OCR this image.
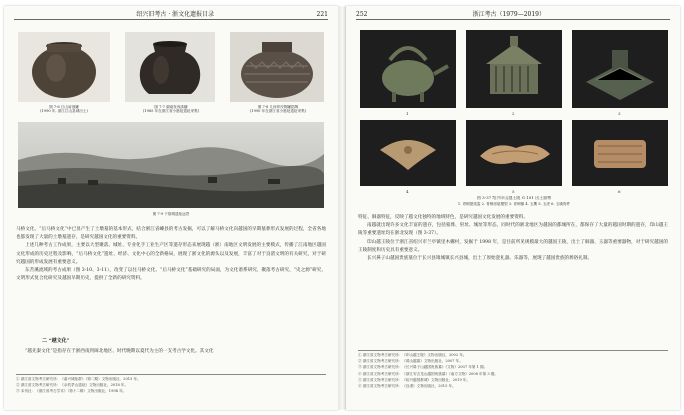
绍兴旧考古 · 浙文化遗报目录	221
图 7-6 江山肩颈罐
(1990 年, 浙江江山县城出土)
图 7-7 湖南发现漆罐
(1985 年在浙江省小港址遗址采集)
图 7-8 几何印纹陶罐铭陶
(1990 年在浙江省小港址遗址采集)
图 7-9 下肢城遗址远景

马桥文化、“后马桥文化”中已显产生了土墩墓的基本形式，结合浙江省嵊县的考古发掘，可以了解马桥文化向越国的早期墓葬形式发展的过程，全省各地也都发现了大量的土墩墓遗存，是研究越国文化的重要资料。

上述几种考古工作成果，主要以大型聚落、城址、专业化手工业生产区等遗存形态来展现越（浙）南地区文明发展的主要模式，传播了江南地区越国文化形成的历史过程及影响，“后马桥文化”遗址、经济、文化中心的全新格局，展现了浙文化的源头以及发展，丰富了对于良渚文明的有关研究，对于研究越国的形成发展有重要意义。

东苕溪流域的考古成果（图 3-10、3-11），改变了以往马桥文化、“后马桥文化”基础研究的局面，为文化谱系研究、聚落考古研究、“史之源”研究、文明形式复合化研究及越国早期历史，提供了全新的研究资料。

二 “越文化”

“越先秦文化”是指存在于浙西南到闽北地区、时代晚期以夏代为主的一支考古学文化。其文化

① 浙江省文物考古研究所：《嘉兴城址群》（第二期）文物出版社，2013 年。
② 浙江省文物考古研究所：《余杭茅山遗址》文物出版社，2018 年。
③ 本刊社：《浙江省考古学术》（第十二辑）文物出版社，1994 年。
252	浙江考古（1979—2019）
1	2	3
4	5	6
图 3-37 绍兴印山越王陵 G 101 出土器物
1. 青铜提梁盉 2. 青铜房屋模型 3. 青铜镇 4. 玉鹰 5. 玉虎 6. 玉璜饰件

特征、铜器特征，反映了越文化独特的地域特色，是研究越国文化发展的重要资料。

南越就出现许多文化丰富的遗存，包括墓葬、窑址、城址等形态，同时代的浙北地区为越国的都城所在，都保存了大量的越国时期的遗存，印山越王陵等重要遗址均在浙北发现（图 3-37）。

印山越王陵位于浙江省绍兴市兰亭镇里木栅村，发掘于 1998 年，是目前所见规模最大的越国王陵，出土了铜器、玉器等重要器物，对于研究越国的王陵制度和历史具有重要意义。

长兴鼻子山越国贵族墓位于长兴县雉城镇长兴县城，出土了原始瓷礼器、乐器等，展现了越国贵族的葬俗礼制。

① 浙江省文物考古研究所：《印山越王陵》文物出版社，2002 年。
② 浙江省文物考古研究所：《鸿山越墓》文物出版社，2007 年。
③ 浙江省文物考古研究所：《长兴鼻子山越国贵族墓》《文物》2007 年第 1 期。
④ 浙江省文物考古研究所：《浙江安吉龙山越国贵族墓》《南方文物》2008 年第 3 期。
⑤ 浙江省文物考古研究所：《绍兴越国都城》文物出版社，2019 年。
⑥ 浙江省文物考古研究所：《良渚》文物出版社，2015 年。
